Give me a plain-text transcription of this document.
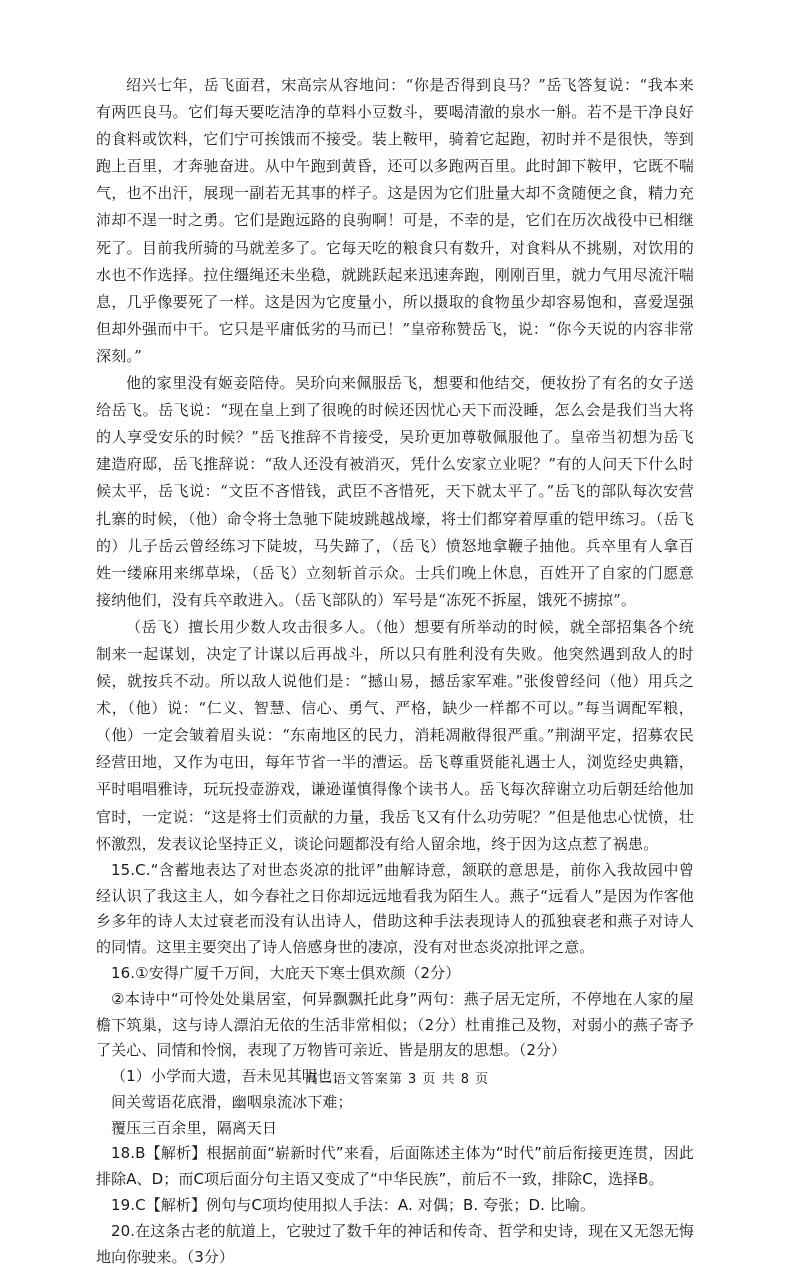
绍兴七年，岳飞面君，宋高宗从容地问：“你是否得到良马？”岳飞答复说：“我本来有两匹良马。它们每天要吃洁净的草料小豆数斗，要喝清澈的泉水一斛。若不是干净良好的食料或饮料，它们宁可挨饿而不接受。装上鞍甲，骑着它起跑，初时并不是很快，等到跑上百里，才奔驰奋进。从中午跑到黄昏，还可以多跑两百里。此时卸下鞍甲，它既不喘气，也不出汗，展现一副若无其事的样子。这是因为它们肚量大却不贪随便之食，精力充沛却不逞一时之勇。它们是跑远路的良驹啊！可是，不幸的是，它们在历次战役中已相继死了。目前我所骑的马就差多了。它每天吃的粮食只有数升，对食料从不挑剔，对饮用的水也不作选择。拉住缰绳还未坐稳，就跳跃起来迅速奔跑，刚刚百里，就力气用尽流汗喘息，几乎像要死了一样。这是因为它度量小，所以摄取的食物虽少却容易饱和，喜爱逞强但却外强而中干。它只是平庸低劣的马而已！”皇帝称赞岳飞，说：“你今天说的内容非常深刻。”

他的家里没有姬妾陪侍。吴玠向来佩服岳飞，想要和他结交，便妆扮了有名的女子送给岳飞。岳飞说：“现在皇上到了很晚的时候还因忧心天下而没睡，怎么会是我们当大将的人享受安乐的时候？”岳飞推辞不肯接受，吴玠更加尊敬佩服他了。皇帝当初想为岳飞建造府邸，岳飞推辞说：“敌人还没有被消灭，凭什么安家立业呢？”有的人问天下什么时候太平，岳飞说：“文臣不吝惜钱，武臣不吝惜死，天下就太平了。”岳飞的部队每次安营扎寨的时候，（他）命令将士急驰下陡坡跳越战壕，将士们都穿着厚重的铠甲练习。（岳飞的）儿子岳云曾经练习下陡坡，马失蹄了，（岳飞）愤怒地拿鞭子抽他。兵卒里有人拿百姓一缕麻用来绑草垛，（岳飞）立刻斩首示众。士兵们晚上休息，百姓开了自家的门愿意接纳他们，没有兵卒敢进入。（岳飞部队的）军号是“冻死不拆屋，饿死不掳掠”。

（岳飞）擅长用少数人攻击很多人。（他）想要有所举动的时候，就全部招集各个统制来一起谋划，决定了计谋以后再战斗，所以只有胜利没有失败。他突然遇到敌人的时候，就按兵不动。所以敌人说他们是：“撼山易，撼岳家军难。”张俊曾经问（他）用兵之术，（他）说：“仁义、智慧、信心、勇气、严格，缺少一样都不可以。”每当调配军粮，（他）一定会皱着眉头说：“东南地区的民力，消耗凋敝得很严重。”荆湖平定，招募农民经营田地，又作为屯田，每年节省一半的漕运。岳飞尊重贤能礼遇士人，浏览经史典籍，平时唱唱雅诗，玩玩投壶游戏，谦逊谨慎得像个读书人。岳飞每次辞谢立功后朝廷给他加官时，一定说：“这是将士们贡献的力量，我岳飞又有什么功劳呢？”但是他忠心忧愤，壮怀激烈，发表议论坚持正义，谈论问题都没有给人留余地，终于因为这点惹了祸患。

15.C.“含蓄地表达了对世态炎凉的批评”曲解诗意，颔联的意思是，前你入我故园中曾经认识了我这主人，如今春社之日你却远远地看我为陌生人。燕子“远看人”是因为作客他乡多年的诗人太过衰老而没有认出诗人，借助这种手法表现诗人的孤独衰老和燕子对诗人的同情。这里主要突出了诗人倍感身世的凄凉，没有对世态炎凉批评之意。

16.①安得广厦千万间，大庇天下寒士俱欢颜（2分）

②本诗中“可怜处处巢居室，何异飘飘托此身”两句：燕子居无定所，不停地在人家的屋檐下筑巢，这与诗人漂泊无依的生活非常相似；（2分）杜甫推己及物，对弱小的燕子寄予了关心、同情和怜悯，表现了万物皆可亲近、皆是朋友的思想。（2分）

（1）小学而大遗，吾未见其明也；

间关莺语花底滑，幽咽泉流冰下难；

覆压三百余里，隔离天日

18.B【解析】根据前面“崭新时代”来看，后面陈述主体为“时代”前后衔接更连贯，因此排除A、D；而C项后面分句主语又变成了“中华民族”，前后不一致，排除C，选择B。

19.C【解析】例句与C项均使用拟人手法：A. 对偶；B. 夸张；D. 比喻。

20.在这条古老的航道上，它驶过了数千年的神话和传奇、哲学和史诗，现在又无怨无悔地向你驶来。（3分）

高三语文答案第 3 页 共 8 页
